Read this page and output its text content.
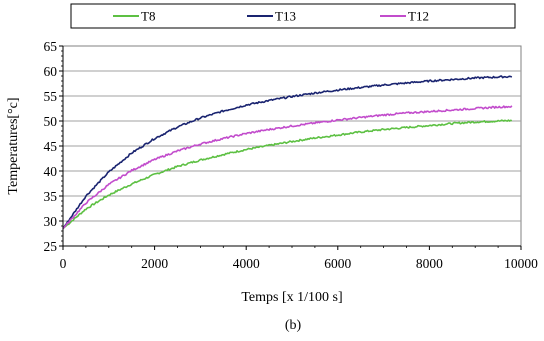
T8	T13	T12
25
30
35
40
45
50
55
60
65
0	2000	4000	6000	8000	10000
Temps [x 1/100 s]
Temperatures[°c]
(b)
